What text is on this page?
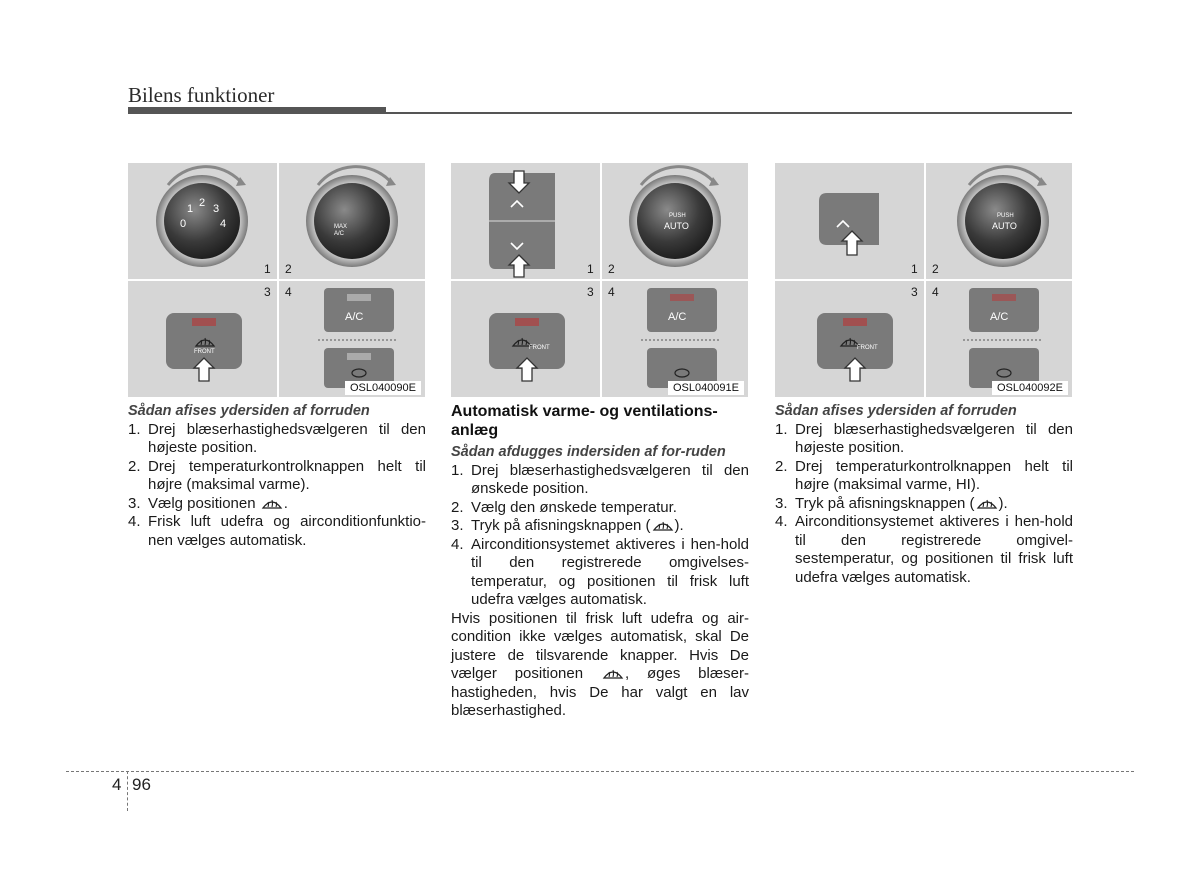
Bilens funktioner
0
1 2 3
4	MAX
A/C
1 2
3 4
A/C
FRONT
OSL040090E
PUSH
AUTO
1 2
3 4
A/C
FRONT
OSL040091E
PUSH
AUTO
1 2
3 4
A/C
FRONT
OSL040092E
Sådan afises ydersiden af forruden
1. Drej blæserhastighedsvælgeren til den højeste position.
2. Drej temperaturkontrolknappen helt til højre (maksimal varme).
3. Vælg positionen .
4. Frisk luft udefra og airconditionfunktio-nen vælges automatisk.
Automatisk varme- og ventilations-anlæg
Sådan afdugges indersiden af for-ruden
1. Drej blæserhastighedsvælgeren til den ønskede position.
2. Vælg den ønskede temperatur.
3. Tryk på afisningsknappen ( ).
4. Airconditionsystemet aktiveres i hen-hold til den registrerede omgivelses-temperatur, og positionen til frisk luft udefra vælges automatisk.
Hvis positionen til frisk luft udefra og air-condition ikke vælges automatisk, skal De justere de tilsvarende knapper. Hvis De vælger positionen	, øges blæser-hastigheden, hvis De har valgt en lav blæserhastighed.
Sådan afises ydersiden af forruden
1. Drej blæserhastighedsvælgeren til den højeste position.
2. Drej temperaturkontrolknappen helt til højre (maksimal varme, HI).
3. Tryk på afisningsknappen ( ).
4. Airconditionsystemet aktiveres i hen-hold til den registrerede omgivel-sestemperatur, og positionen til frisk luft udefra vælges automatisk.
4 96
